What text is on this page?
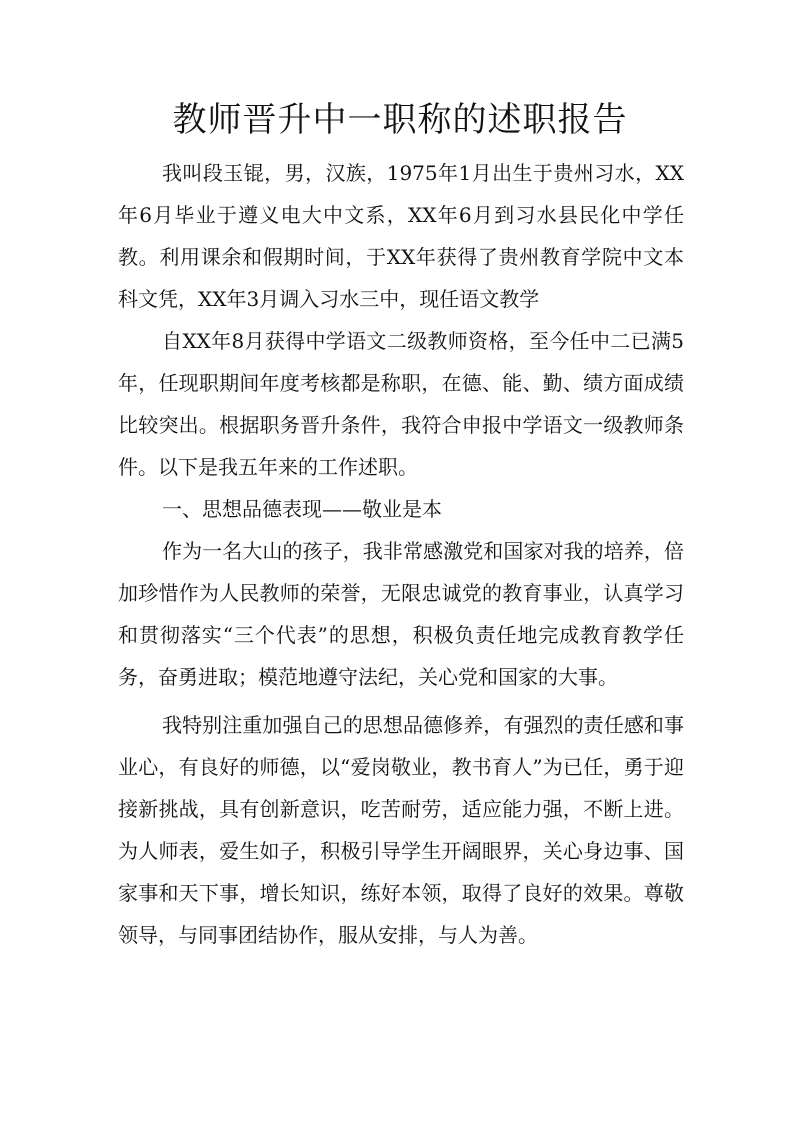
教师晋升中一职称的述职报告

我叫段玉锟，男，汉族，1975年1月出生于贵州习水，XX年6月毕业于遵义电大中文系，XX年6月到习水县民化中学任教。利用课余和假期时间，于XX年获得了贵州教育学院中文本科文凭，XX年3月调入习水三中，现任语文教学

自XX年8月获得中学语文二级教师资格，至今任中二已满5年，任现职期间年度考核都是称职，在德、能、勤、绩方面成绩比较突出。根据职务晋升条件，我符合申报中学语文一级教师条件。以下是我五年来的工作述职。

一、思想品德表现——敬业是本

作为一名大山的孩子，我非常感激党和国家对我的培养，倍加珍惜作为人民教师的荣誉，无限忠诚党的教育事业，认真学习和贯彻落实“三个代表”的思想，积极负责任地完成教育教学任务，奋勇进取；模范地遵守法纪，关心党和国家的大事。

我特别注重加强自己的思想品德修养，有强烈的责任感和事业心，有良好的师德，以“爱岗敬业，教书育人”为已任，勇于迎接新挑战，具有创新意识，吃苦耐劳，适应能力强，不断上进。为人师表，爱生如子，积极引导学生开阔眼界，关心身边事、国家事和天下事，增长知识，练好本领，取得了良好的效果。尊敬领导，与同事团结协作，服从安排，与人为善。
